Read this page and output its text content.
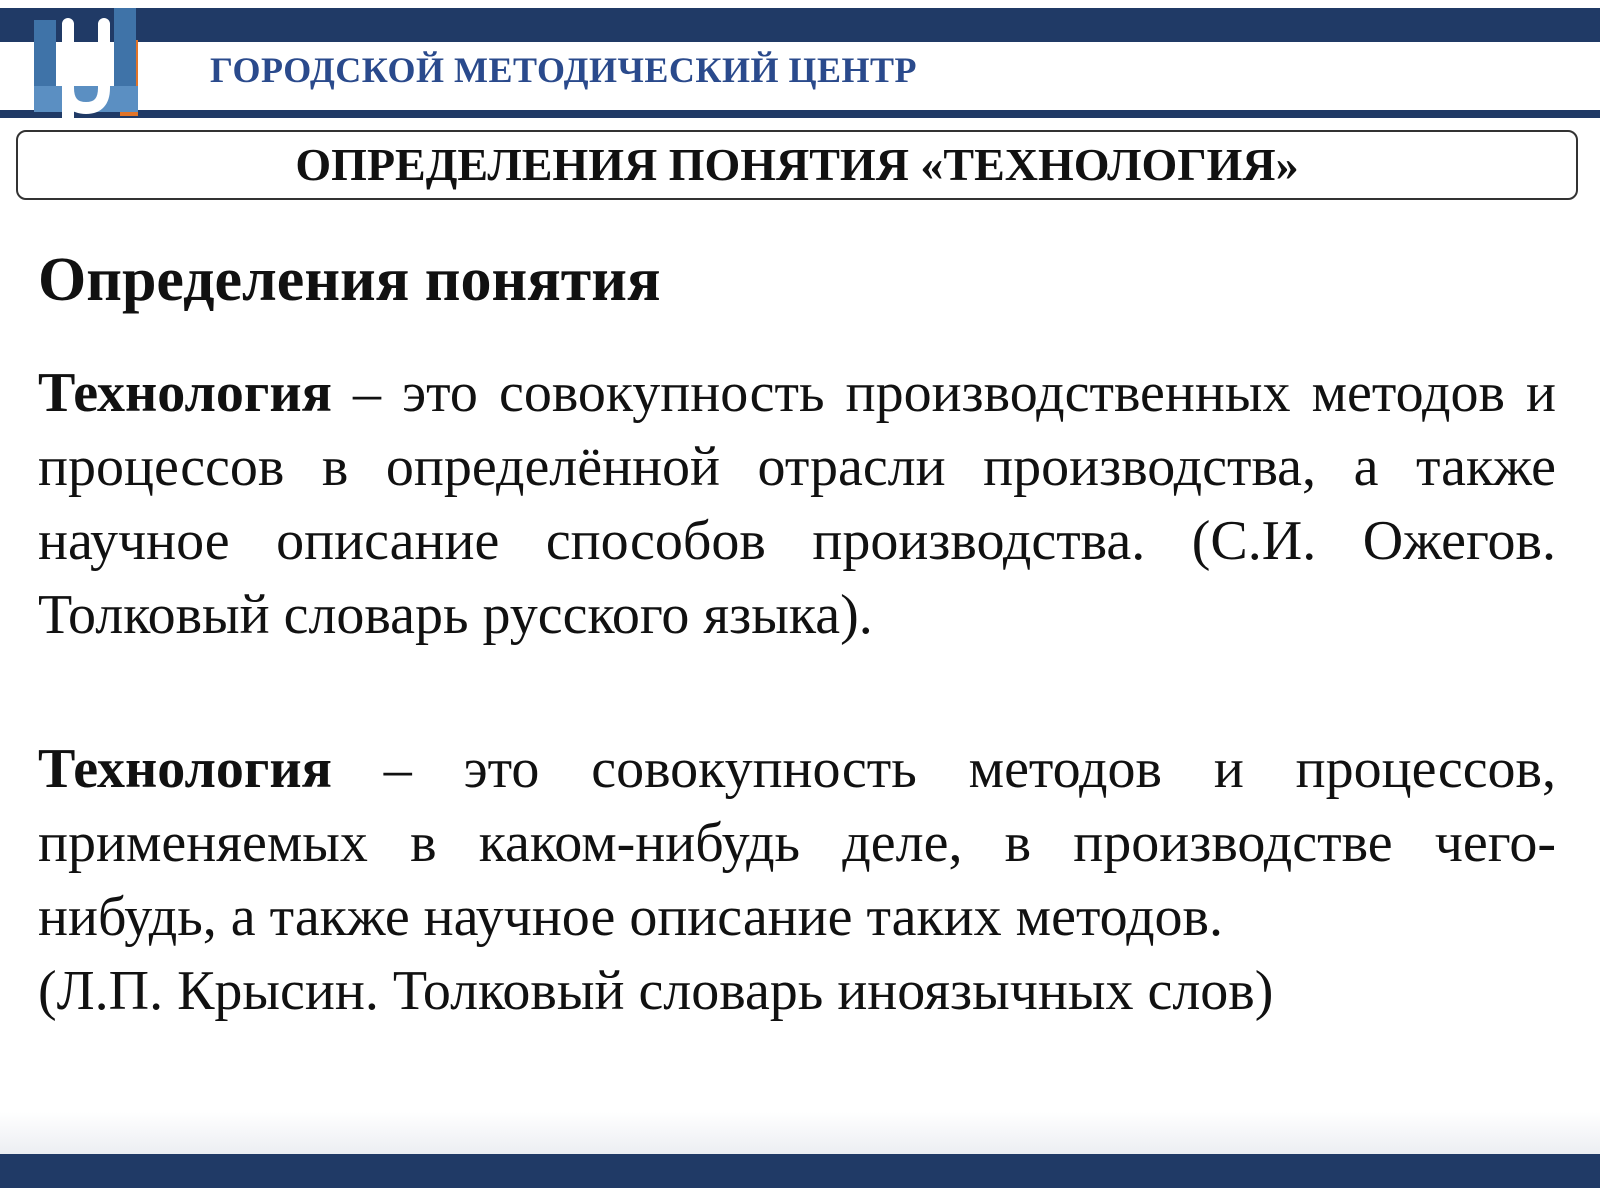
ГОРОДСКОЙ МЕТОДИЧЕСКИЙ ЦЕНТР
ОПРЕДЕЛЕНИЯ ПОНЯТИЯ «ТЕХНОЛОГИЯ»
Определения понятия

Технология – это совокупность производственных методов и процессов в определённой отрасли производства, а также научное описание способов производства. (С.И. Ожегов. Толковый словарь русского языка).

Технология – это совокупность методов и процессов, применяемых в каком-нибудь деле, в производстве чего-нибудь, а также научное описание таких методов.
(Л.П. Крысин. Толковый словарь иноязычных слов)
